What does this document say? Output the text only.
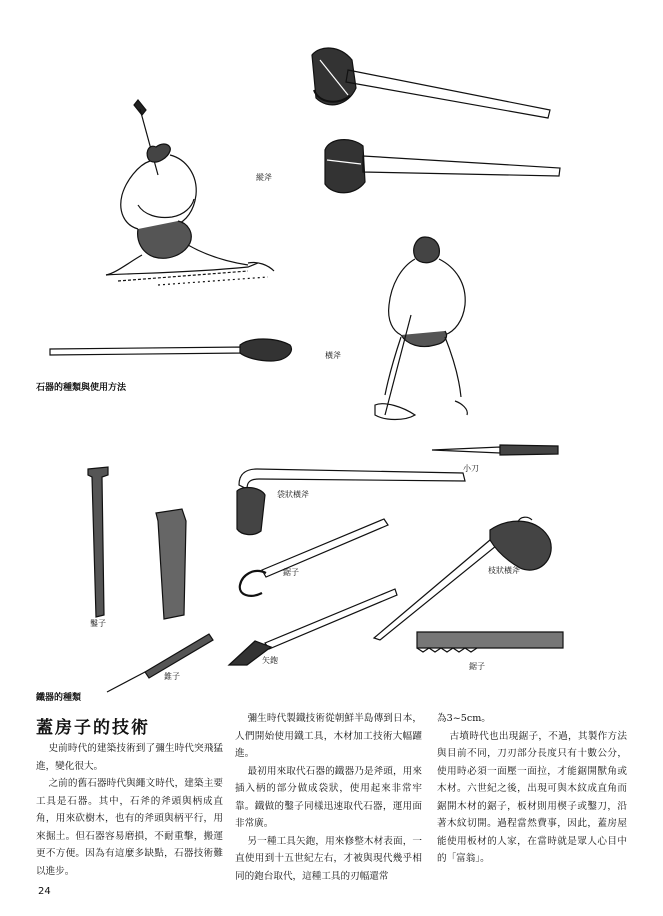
縱斧
橫斧
石器的種類與使用方法
小刀
袋狀橫斧
鑿子
鋸子	枝狀橫斧
矢鉋
鋸子
錐子
鐵器的種類
蓋房子的技術

史前時代的建築技術到了彌生時代突飛猛進，變化很大。

之前的舊石器時代與繩文時代，建築主要工具是石器。其中，石斧的斧頭與柄成直角，用來砍樹木，也有的斧頭與柄平行，用來掘土。但石器容易磨損，不耐重擊，搬運更不方便。因為有這麼多缺點，石器技術難以進步。

彌生時代製鐵技術從朝鮮半島傳到日本，人們開始使用鐵工具，木材加工技術大幅躍進。

最初用來取代石器的鐵器乃是斧頭，用來插入柄的部分做成袋狀，使用起來非常牢靠。鐵做的鑿子同樣迅速取代石器，運用面非常廣。

另一種工具矢鉋，用來修整木材表面，一直使用到十五世紀左右，才被與現代幾乎相同的鉋台取代，這種工具的刃幅還常

為3~5cm。

古墳時代也出現鋸子，不過，其製作方法與目前不同，刀刃部分長度只有十數公分，使用時必須一面壓一面拉，才能鋸開獸角或木材。六世紀之後，出現可與木紋成直角而鋸開木材的鋸子，板材則用楔子或鑿刀，沿著木紋切開。過程當然費事，因此，蓋房屋能使用板材的人家，在當時就是眾人心目中的「富翁」。

24
